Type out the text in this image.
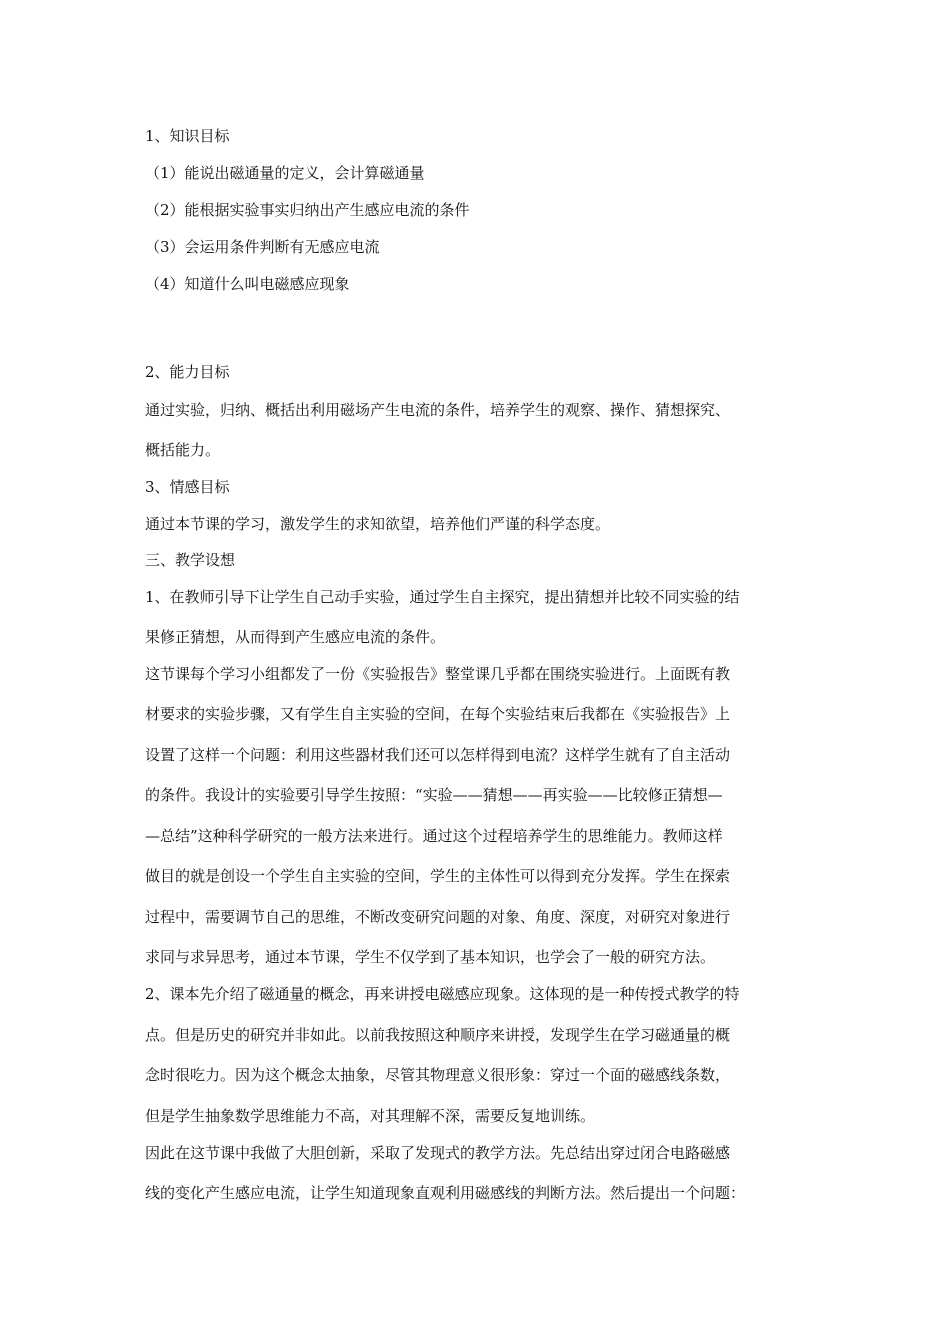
1、知识目标
（1）能说出磁通量的定义，会计算磁通量
（2）能根据实验事实归纳出产生感应电流的条件
（3）会运用条件判断有无感应电流
（4）知道什么叫电磁感应现象
2、能力目标
通过实验，归纳、概括出利用磁场产生电流的条件，培养学生的观察、操作、猜想探究、
概括能力。
3、情感目标
通过本节课的学习，激发学生的求知欲望，培养他们严谨的科学态度。
三、教学设想
1、在教师引导下让学生自己动手实验，通过学生自主探究，提出猜想并比较不同实验的结
果修正猜想，从而得到产生感应电流的条件。
这节课每个学习小组都发了一份《实验报告》整堂课几乎都在围绕实验进行。上面既有教
材要求的实验步骤，又有学生自主实验的空间，在每个实验结束后我都在《实验报告》上
设置了这样一个问题：利用这些器材我们还可以怎样得到电流？这样学生就有了自主活动
的条件。我设计的实验要引导学生按照：“实验——猜想——再实验——比较修正猜想—
—总结”这种科学研究的一般方法来进行。通过这个过程培养学生的思维能力。教师这样
做目的就是创设一个学生自主实验的空间，学生的主体性可以得到充分发挥。学生在探索
过程中，需要调节自己的思维，不断改变研究问题的对象、角度、深度，对研究对象进行
求同与求异思考，通过本节课，学生不仅学到了基本知识，也学会了一般的研究方法。
2、课本先介绍了磁通量的概念，再来讲授电磁感应现象。这体现的是一种传授式教学的特
点。但是历史的研究并非如此。以前我按照这种顺序来讲授，发现学生在学习磁通量的概
念时很吃力。因为这个概念太抽象，尽管其物理意义很形象：穿过一个面的磁感线条数，
但是学生抽象数学思维能力不高，对其理解不深，需要反复地训练。
因此在这节课中我做了大胆创新，采取了发现式的教学方法。先总结出穿过闭合电路磁感
线的变化产生感应电流，让学生知道现象直观利用磁感线的判断方法。然后提出一个问题：
